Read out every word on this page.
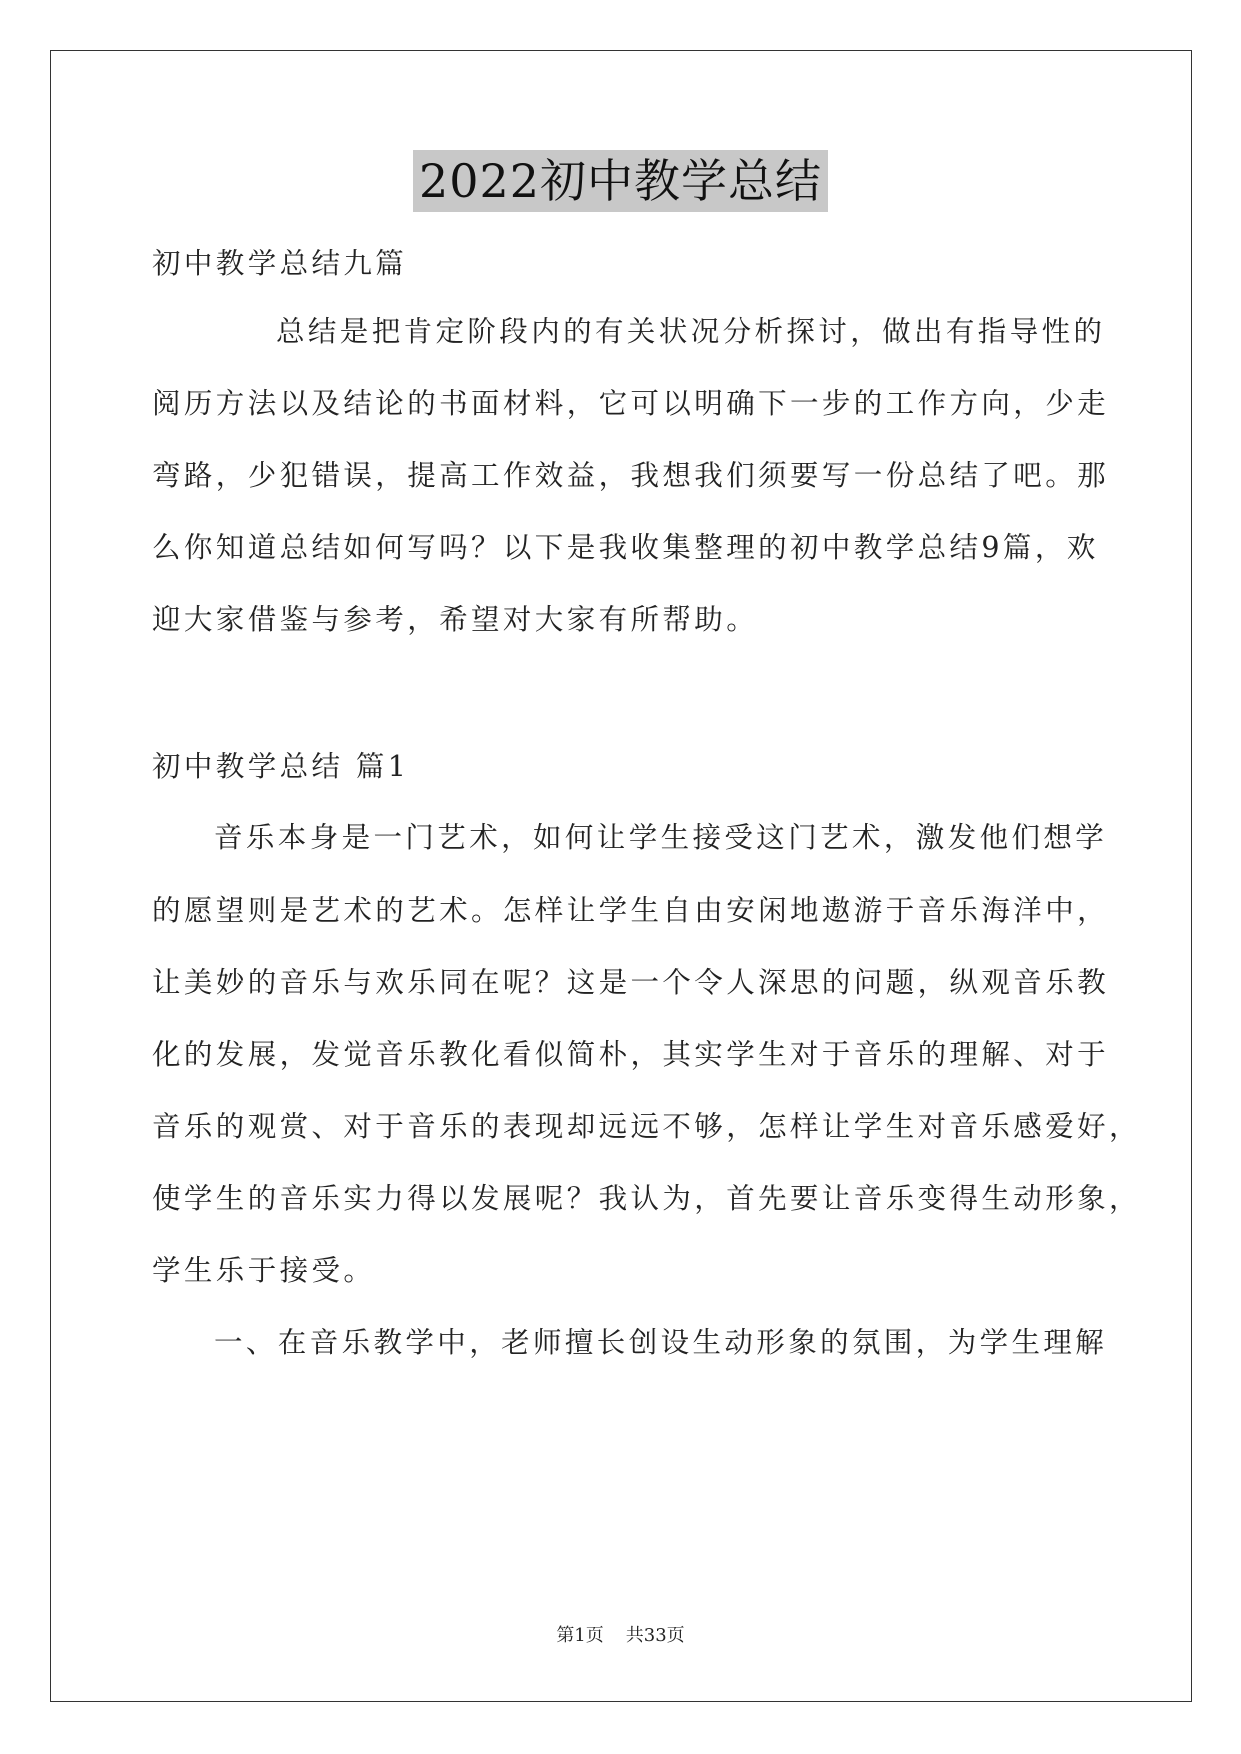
2022初中教学总结
初中教学总结九篇
总结是把肯定阶段内的有关状况分析探讨，做出有指导性的
阅历方法以及结论的书面材料，它可以明确下一步的工作方向，少走
弯路，少犯错误，提高工作效益，我想我们须要写一份总结了吧。那
么你知道总结如何写吗？以下是我收集整理的初中教学总结9篇，欢
迎大家借鉴与参考，希望对大家有所帮助。
初中教学总结 篇1
音乐本身是一门艺术，如何让学生接受这门艺术，激发他们想学
的愿望则是艺术的艺术。怎样让学生自由安闲地遨游于音乐海洋中，
让美妙的音乐与欢乐同在呢？这是一个令人深思的问题，纵观音乐教
化的发展，发觉音乐教化看似简朴，其实学生对于音乐的理解、对于
音乐的观赏、对于音乐的表现却远远不够，怎样让学生对音乐感爱好，
使学生的音乐实力得以发展呢？我认为，首先要让音乐变得生动形象，
学生乐于接受。
一、在音乐教学中，老师擅长创设生动形象的氛围，为学生理解
第1页 共33页
